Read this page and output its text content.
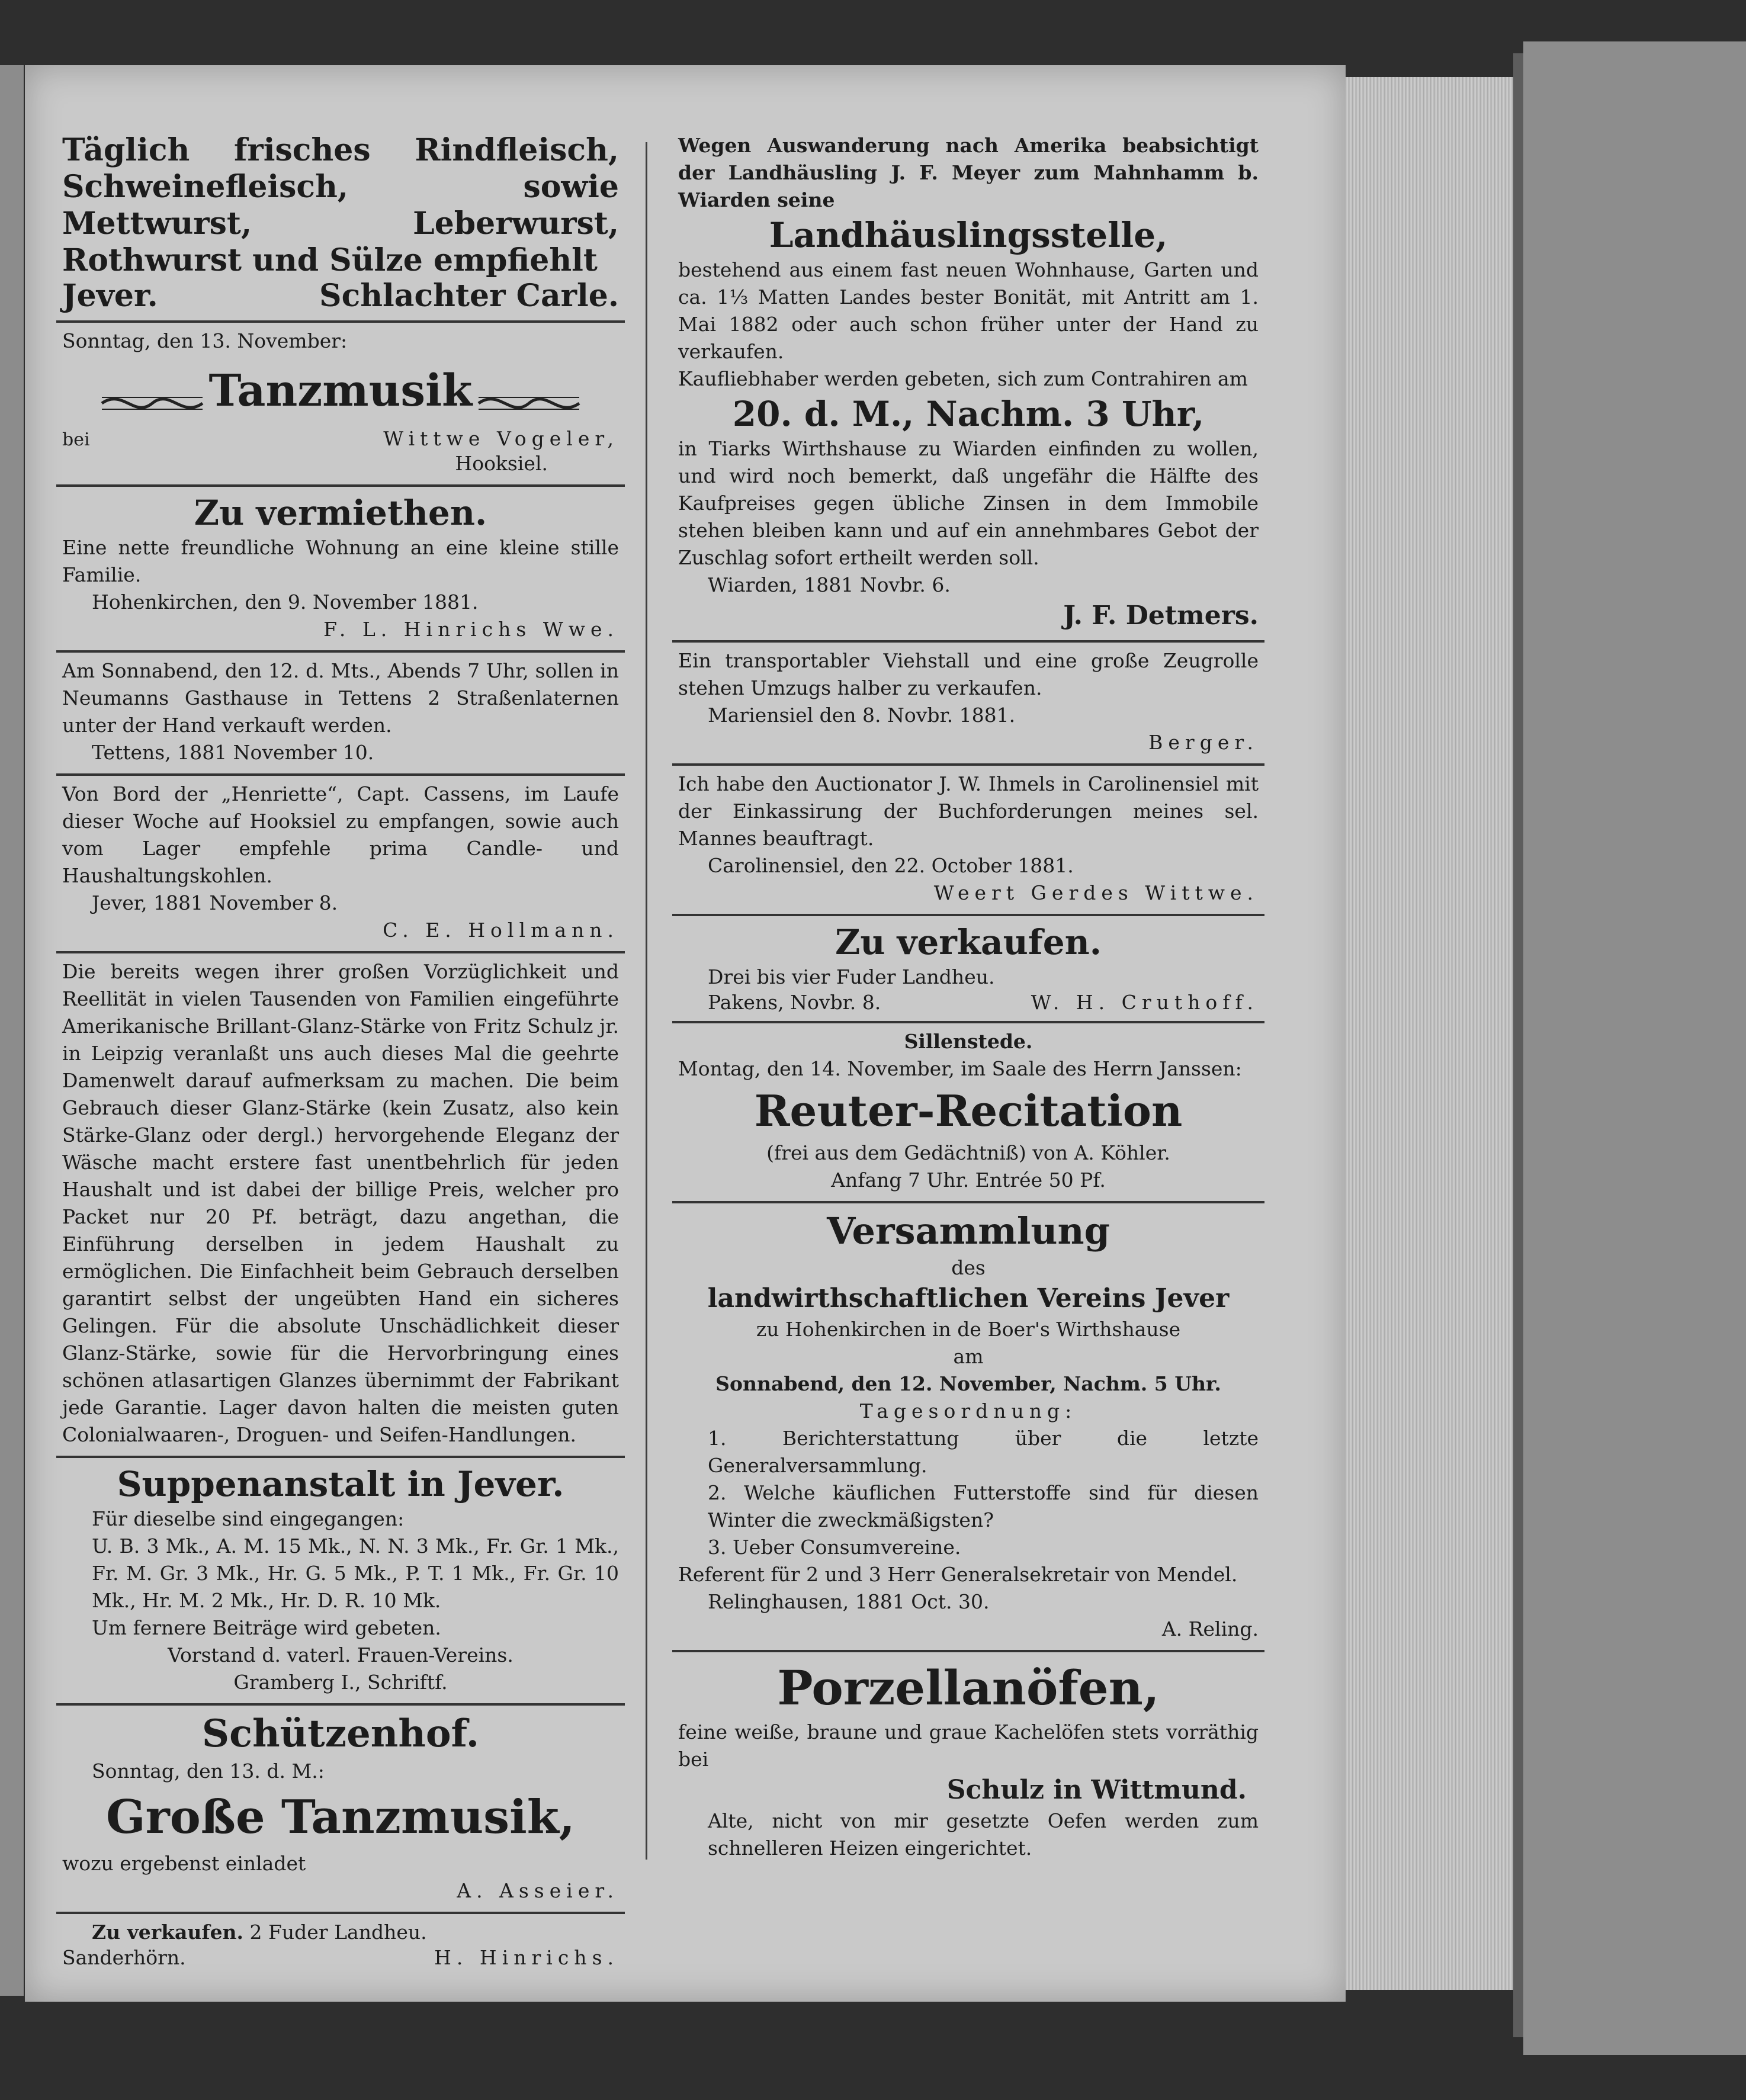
Täglich frisches Rindfleisch, Schweinefleisch, sowie Mettwurst, Leberwurst, Rothwurst und Sülze empfiehlt

Jever.	Schlachter Carle.

Sonntag, den 13. November:

Tanzmusik
bei	Wittwe Vogeler,

Hooksiel.

Zu vermiethen.

Eine nette freundliche Wohnung an eine kleine stille Familie.

Hohenkirchen, den 9. November 1881.

F. L. Hinrichs Wwe.

Am Sonnabend, den 12. d. Mts., Abends 7 Uhr, sollen in Neumanns Gasthause in Tettens 2 Straßenlaternen unter der Hand verkauft werden.

Tettens, 1881 November 10.

Von Bord der „Henriette“, Capt. Cassens, im Laufe dieser Woche auf Hooksiel zu empfangen, sowie auch vom Lager empfehle prima Candle- und Haushaltungskohlen.

Jever, 1881 November 8.

C. E. Hollmann.

Die bereits wegen ihrer großen Vorzüglichkeit und Reellität in vielen Tausenden von Familien eingeführte Amerikanische Brillant-Glanz-Stärke von Fritz Schulz jr. in Leipzig veranlaßt uns auch dieses Mal die geehrte Damenwelt darauf aufmerksam zu machen. Die beim Gebrauch dieser Glanz-Stärke (kein Zusatz, also kein Stärke-Glanz oder dergl.) hervorgehende Eleganz der Wäsche macht erstere fast unentbehrlich für jeden Haushalt und ist dabei der billige Preis, welcher pro Packet nur 20 Pf. beträgt, dazu angethan, die Einführung derselben in jedem Haushalt zu ermöglichen. Die Einfachheit beim Gebrauch derselben garantirt selbst der ungeübten Hand ein sicheres Gelingen. Für die absolute Unschädlichkeit dieser Glanz-Stärke, sowie für die Hervorbringung eines schönen atlasartigen Glanzes übernimmt der Fabrikant jede Garantie. Lager davon halten die meisten guten Colonialwaaren-, Droguen- und Seifen-Handlungen.

Suppenanstalt in Jever.

Für dieselbe sind eingegangen:

U. B. 3 Mk., A. M. 15 Mk., N. N. 3 Mk., Fr. Gr. 1 Mk., Fr. M. Gr. 3 Mk., Hr. G. 5 Mk., P. T. 1 Mk., Fr. Gr. 10 Mk., Hr. M. 2 Mk., Hr. D. R. 10 Mk.

Um fernere Beiträge wird gebeten.

Vorstand d. vaterl. Frauen-Vereins.

Gramberg I., Schriftf.

Schützenhof.

Sonntag, den 13. d. M.:

Große Tanzmusik,

wozu ergebenst einladet

A. Asseier.

Zu verkaufen. 2 Fuder Landheu.

Sanderhörn.	H. Hinrichs.

Wegen Auswanderung nach Amerika beabsichtigt der Landhäusling J. F. Meyer zum Mahnhamm b. Wiarden seine

Landhäuslingsstelle,

bestehend aus einem fast neuen Wohnhause, Garten und ca. 1⅓ Matten Landes bester Bonität, mit Antritt am 1. Mai 1882 oder auch schon früher unter der Hand zu verkaufen.

Kaufliebhaber werden gebeten, sich zum Contrahiren am

20. d. M., Nachm. 3 Uhr,

in Tiarks Wirthshause zu Wiarden einfinden zu wollen, und wird noch bemerkt, daß ungefähr die Hälfte des Kaufpreises gegen übliche Zinsen in dem Immobile stehen bleiben kann und auf ein annehmbares Gebot der Zuschlag sofort ertheilt werden soll.

Wiarden, 1881 Novbr. 6.

J. F. Detmers.

Ein transportabler Viehstall und eine große Zeugrolle stehen Umzugs halber zu verkaufen.

Mariensiel den 8. Novbr. 1881.

Berger.

Ich habe den Auctionator J. W. Ihmels in Carolinensiel mit der Einkassirung der Buchforderungen meines sel. Mannes beauftragt.

Carolinensiel, den 22. October 1881.

Weert Gerdes Wittwe.

Zu verkaufen.

Drei bis vier Fuder Landheu.

Pakens, Novbr. 8.	W. H. Cruthoff.

Sillenstede.

Montag, den 14. November, im Saale des Herrn Janssen:

Reuter-Recitation

(frei aus dem Gedächtniß) von A. Köhler.

Anfang 7 Uhr. Entrée 50 Pf.

Versammlung

des

landwirthschaftlichen Vereins Jever

zu Hohenkirchen in de Boer's Wirthshause

am

Sonnabend, den 12. November, Nachm. 5 Uhr.

Tagesordnung:

1. Berichterstattung über die letzte Generalversammlung.

2. Welche käuflichen Futterstoffe sind für diesen Winter die zweckmäßigsten?

3. Ueber Consumvereine.

Referent für 2 und 3 Herr Generalsekretair von Mendel.

Relinghausen, 1881 Oct. 30.

A. Reling.

Porzellanöfen,

feine weiße, braune und graue Kachelöfen stets vorräthig bei

Schulz in Wittmund.

Alte, nicht von mir gesetzte Oefen werden zum schnelleren Heizen eingerichtet.
